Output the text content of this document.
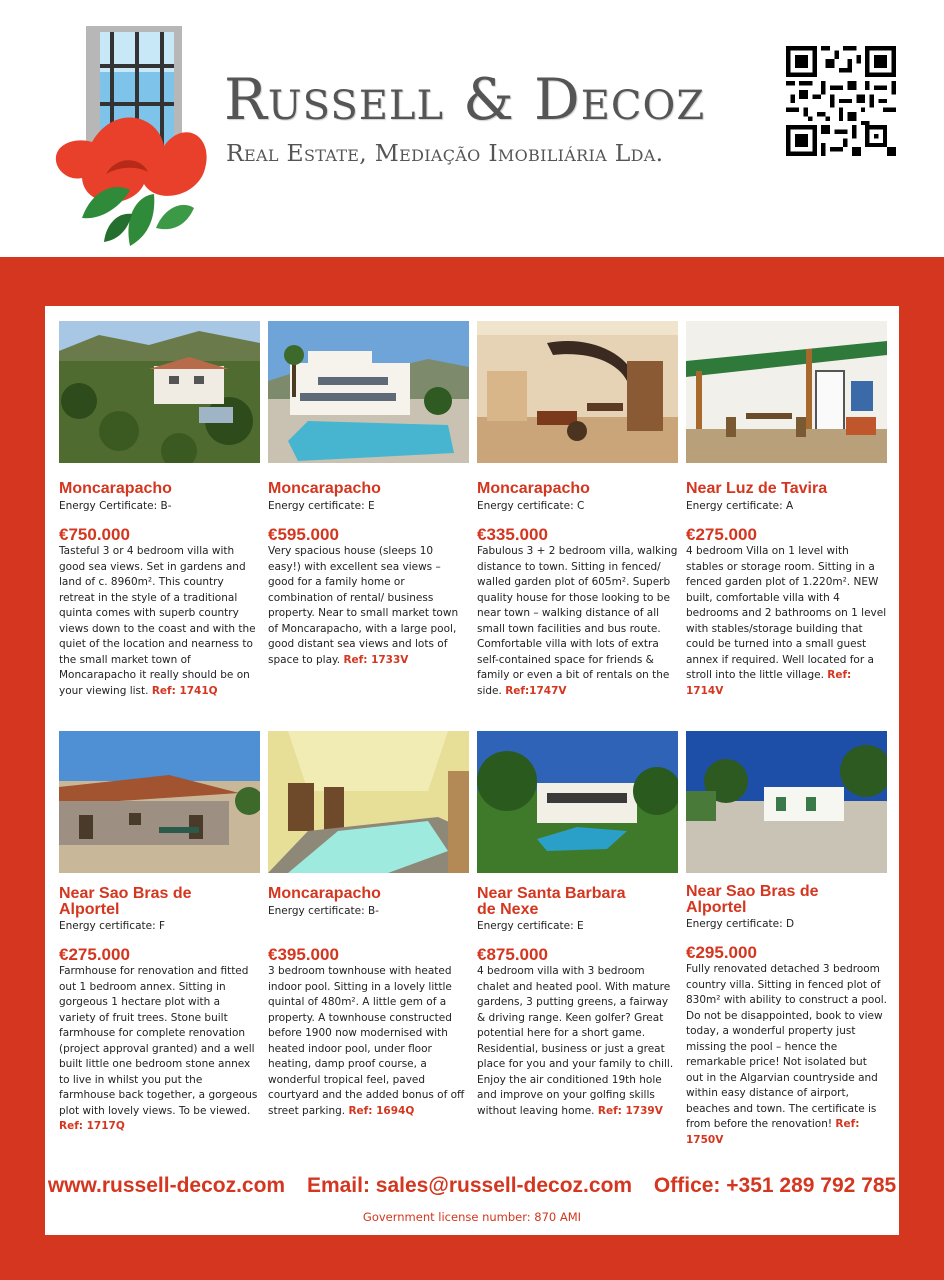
Russell & Decoz
Real Estate, Mediação Imobiliária Lda.
Moncarapacho
Energy Certificate: B-
€750.000
Tasteful 3 or 4 bedroom villa with good sea views. Set in gardens and land of c. 8960m². This country retreat in the style of a traditional quinta comes with superb country views down to the coast and with the quiet of the location and nearness to the small market town of Moncarapacho it really should be on your viewing list. Ref: 1741Q
Moncarapacho
Energy certificate: E
€595.000
Very spacious house (sleeps 10 easy!) with excellent sea views – good for a family home or combination of rental/ business property. Near to small market town of Moncarapacho, with a large pool, good distant sea views and lots of space to play. Ref: 1733V
Moncarapacho
Energy certificate: C
€335.000
Fabulous 3 + 2 bedroom villa, walking distance to town. Sitting in fenced/ walled garden plot of 605m². Superb quality house for those looking to be near town – walking distance of all small town facilities and bus route. Comfortable villa with lots of extra self-contained space for friends & family or even a bit of rentals on the side. Ref:1747V
Near Luz de Tavira
Energy certificate: A
€275.000
4 bedroom Villa on 1 level with stables or storage room. Sitting in a fenced garden plot of 1.220m². NEW built, comfortable villa with 4 bedrooms and 2 bathrooms on 1 level with stables/storage building that could be turned into a small guest annex if required. Well located for a stroll into the little village. Ref: 1714V
Near Sao Bras de Alportel
Energy certificate: F
€275.000
Farmhouse for renovation and fitted out 1 bedroom annex. Sitting in gorgeous 1 hectare plot with a variety of fruit trees. Stone built farmhouse for complete renovation (project approval granted) and a well built little one bedroom stone annex to live in whilst you put the farmhouse back together, a gorgeous plot with lovely views. To be viewed. Ref: 1717Q
Moncarapacho
Energy certificate: B-
€395.000
3 bedroom townhouse with heated indoor pool. Sitting in a lovely little quintal of 480m². A little gem of a property. A townhouse constructed before 1900 now modernised with heated indoor pool, under floor heating, damp proof course, a wonderful tropical feel, paved courtyard and the added bonus of off street parking. Ref: 1694Q
Near Santa Barbara de Nexe
Energy certificate: E
€875.000
4 bedroom villa with 3 bedroom chalet and heated pool. With mature gardens, 3 putting greens, a fairway & driving range. Keen golfer? Great potential here for a short game. Residential, business or just a great place for you and your family to chill. Enjoy the air conditioned 19th hole and improve on your golfing skills without leaving home. Ref: 1739V
Near Sao Bras de Alportel
Energy certificate: D
€295.000
Fully renovated detached 3 bedroom country villa. Sitting in fenced plot of 830m² with ability to construct a pool. Do not be disappointed, book to view today, a wonderful property just missing the pool – hence the remarkable price! Not isolated but out in the Algarvian countryside and within easy distance of airport, beaches and town. The certificate is from before the renovation! Ref: 1750V
www.russell-decoz.com Email: sales@russell-decoz.com Office: +351 289 792 785
Government license number: 870 AMI
